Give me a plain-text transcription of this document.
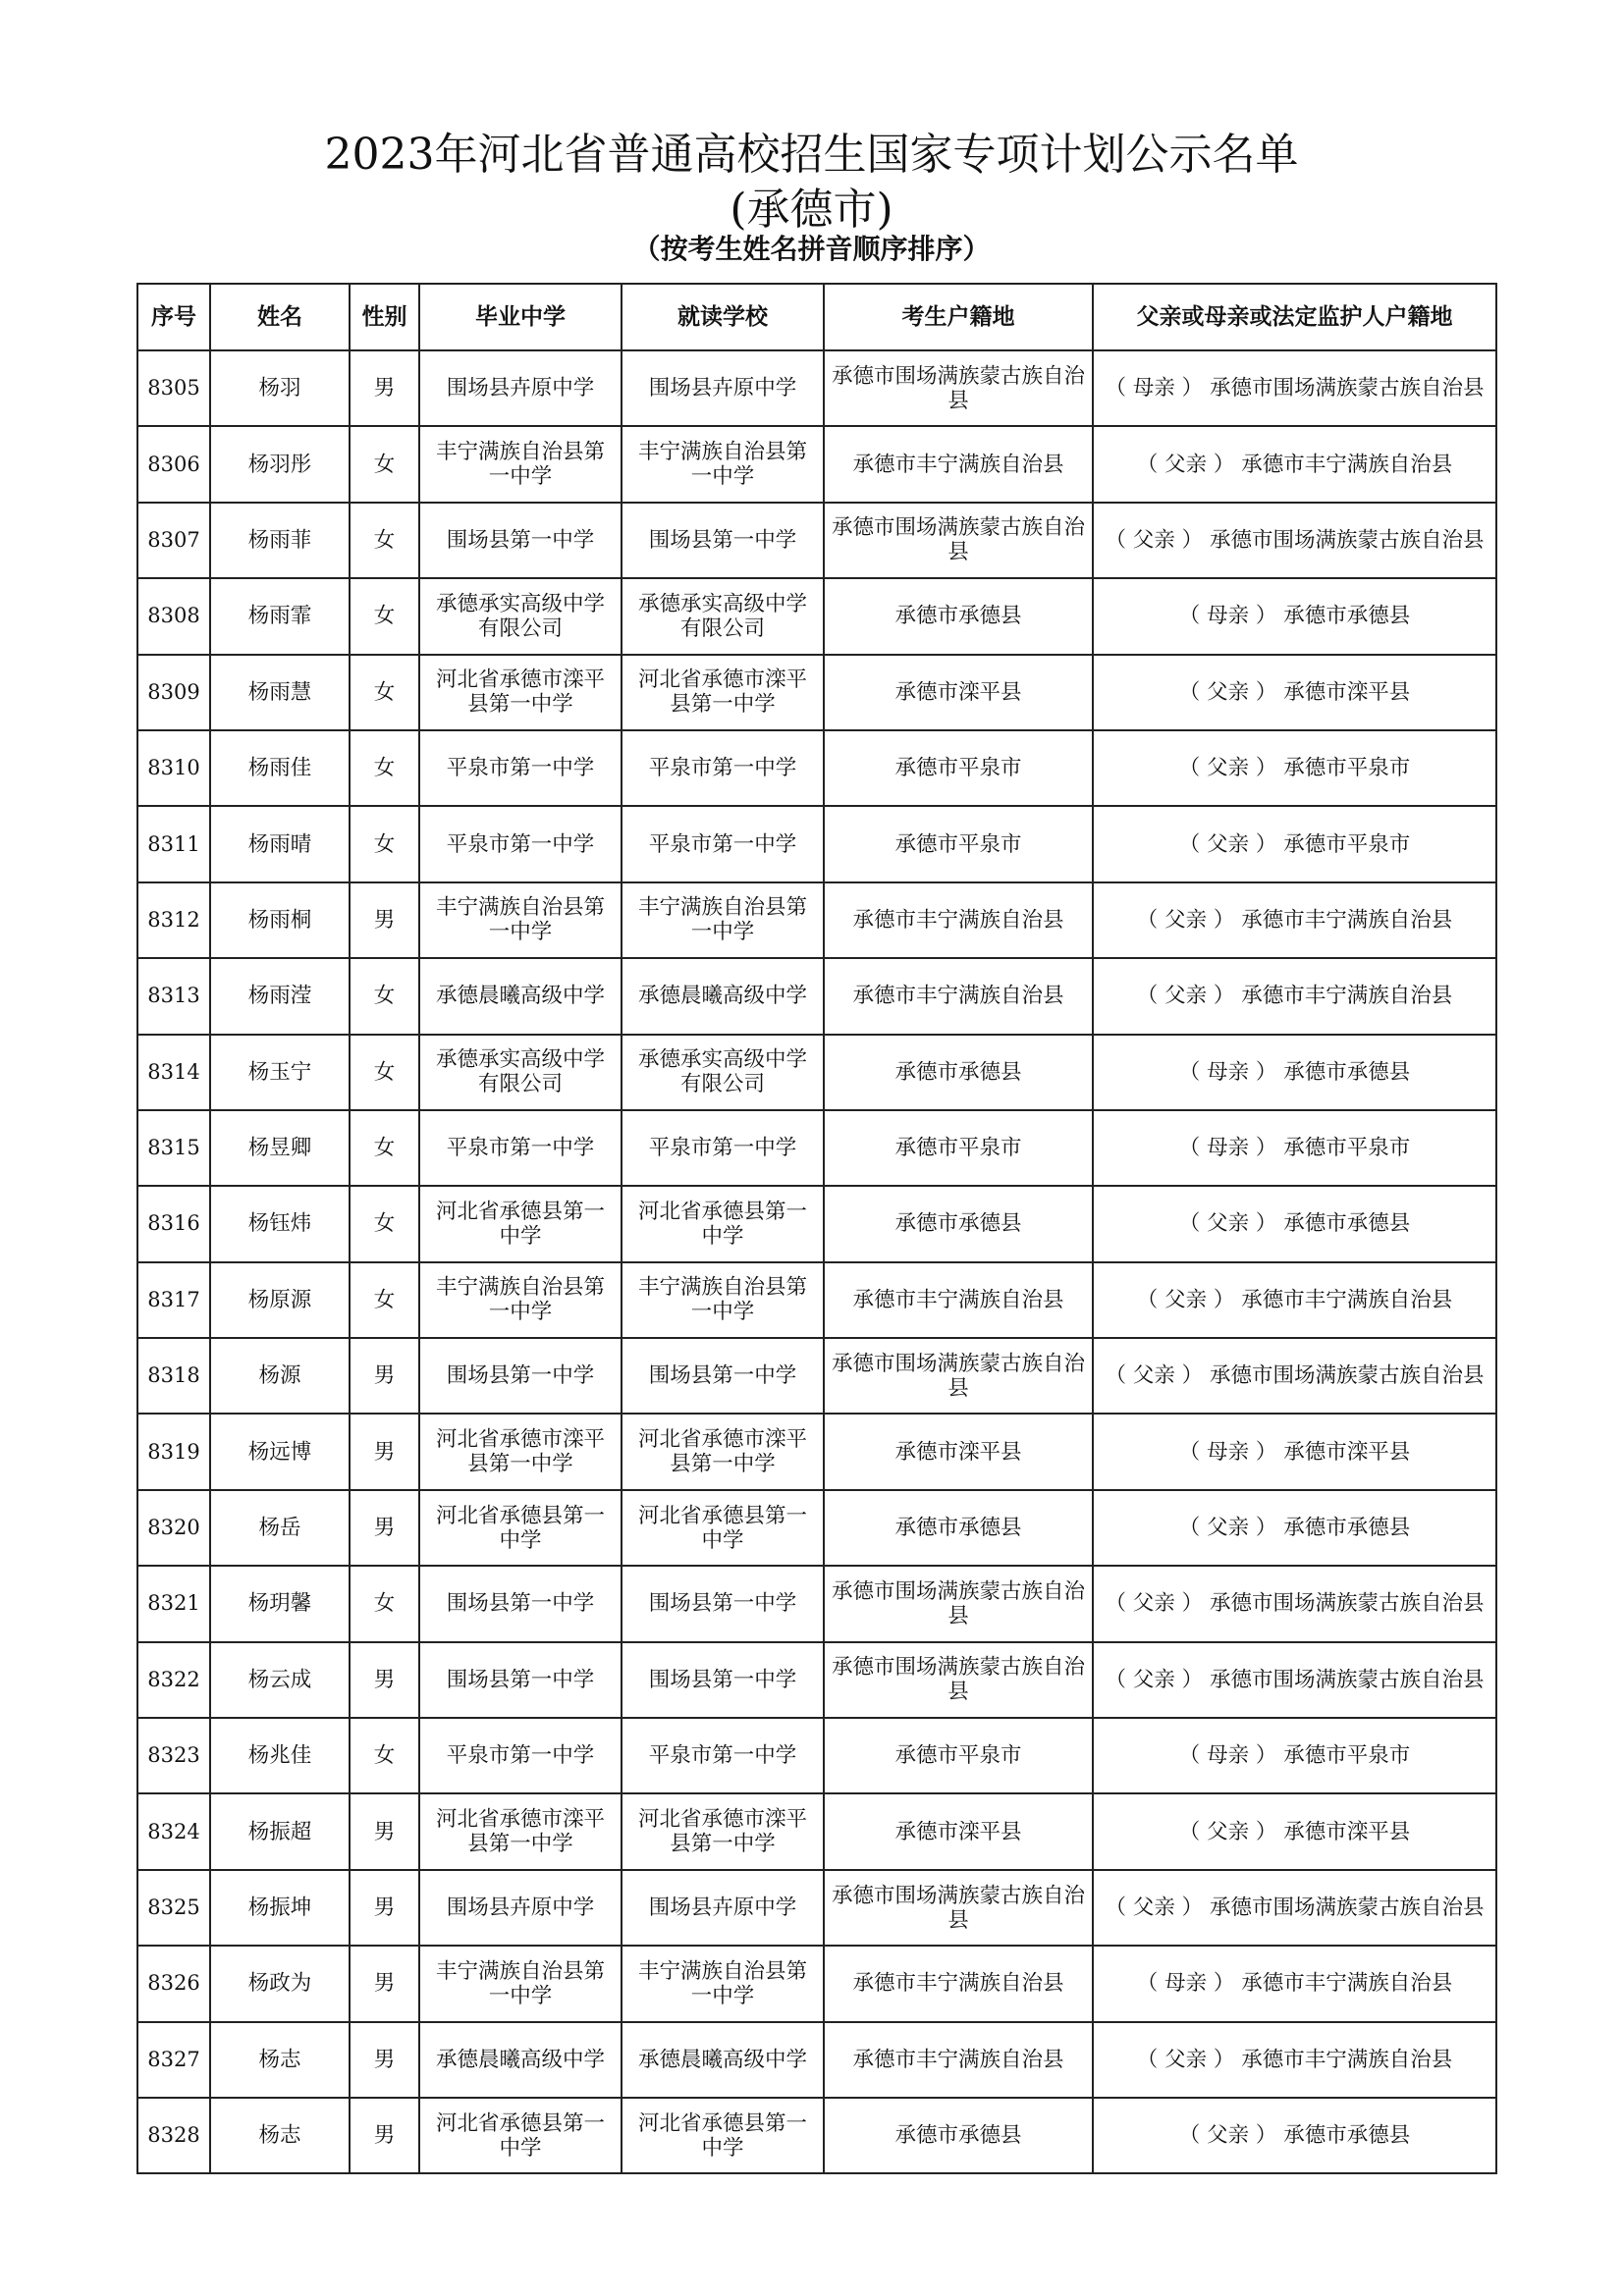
2023年河北省普通高校招生国家专项计划公示名单
(承德市)
（按考生姓名拼音顺序排序）
序号	姓名	性别	毕业中学	就读学校	考生户籍地	父亲或母亲或法定监护人户籍地
8305	杨羽	男	围场县卉原中学	围场县卉原中学	承德市围场满族蒙古族自治县	（ 母亲 ） 承德市围场满族蒙古族自治县
8306	杨羽彤	女	丰宁满族自治县第一中学	丰宁满族自治县第一中学	承德市丰宁满族自治县	（ 父亲 ） 承德市丰宁满族自治县
8307	杨雨菲	女	围场县第一中学	围场县第一中学	承德市围场满族蒙古族自治县	（ 父亲 ） 承德市围场满族蒙古族自治县
8308	杨雨霏	女	承德承实高级中学有限公司	承德承实高级中学有限公司	承德市承德县	（ 母亲 ） 承德市承德县
8309	杨雨慧	女	河北省承德市滦平县第一中学	河北省承德市滦平县第一中学	承德市滦平县	（ 父亲 ） 承德市滦平县
8310	杨雨佳	女	平泉市第一中学	平泉市第一中学	承德市平泉市	（ 父亲 ） 承德市平泉市
8311	杨雨晴	女	平泉市第一中学	平泉市第一中学	承德市平泉市	（ 父亲 ） 承德市平泉市
8312	杨雨桐	男	丰宁满族自治县第一中学	丰宁满族自治县第一中学	承德市丰宁满族自治县	（ 父亲 ） 承德市丰宁满族自治县
8313	杨雨滢	女	承德晨曦高级中学	承德晨曦高级中学	承德市丰宁满族自治县	（ 父亲 ） 承德市丰宁满族自治县
8314	杨玉宁	女	承德承实高级中学有限公司	承德承实高级中学有限公司	承德市承德县	（ 母亲 ） 承德市承德县
8315	杨昱卿	女	平泉市第一中学	平泉市第一中学	承德市平泉市	（ 母亲 ） 承德市平泉市
8316	杨钰炜	女	河北省承德县第一中学	河北省承德县第一中学	承德市承德县	（ 父亲 ） 承德市承德县
8317	杨原源	女	丰宁满族自治县第一中学	丰宁满族自治县第一中学	承德市丰宁满族自治县	（ 父亲 ） 承德市丰宁满族自治县
8318	杨源	男	围场县第一中学	围场县第一中学	承德市围场满族蒙古族自治县	（ 父亲 ） 承德市围场满族蒙古族自治县
8319	杨远博	男	河北省承德市滦平县第一中学	河北省承德市滦平县第一中学	承德市滦平县	（ 母亲 ） 承德市滦平县
8320	杨岳	男	河北省承德县第一中学	河北省承德县第一中学	承德市承德县	（ 父亲 ） 承德市承德县
8321	杨玥馨	女	围场县第一中学	围场县第一中学	承德市围场满族蒙古族自治县	（ 父亲 ） 承德市围场满族蒙古族自治县
8322	杨云成	男	围场县第一中学	围场县第一中学	承德市围场满族蒙古族自治县	（ 父亲 ） 承德市围场满族蒙古族自治县
8323	杨兆佳	女	平泉市第一中学	平泉市第一中学	承德市平泉市	（ 母亲 ） 承德市平泉市
8324	杨振超	男	河北省承德市滦平县第一中学	河北省承德市滦平县第一中学	承德市滦平县	（ 父亲 ） 承德市滦平县
8325	杨振坤	男	围场县卉原中学	围场县卉原中学	承德市围场满族蒙古族自治县	（ 父亲 ） 承德市围场满族蒙古族自治县
8326	杨政为	男	丰宁满族自治县第一中学	丰宁满族自治县第一中学	承德市丰宁满族自治县	（ 母亲 ） 承德市丰宁满族自治县
8327	杨志	男	承德晨曦高级中学	承德晨曦高级中学	承德市丰宁满族自治县	（ 父亲 ） 承德市丰宁满族自治县
8328	杨志	男	河北省承德县第一中学	河北省承德县第一中学	承德市承德县	（ 父亲 ） 承德市承德县
